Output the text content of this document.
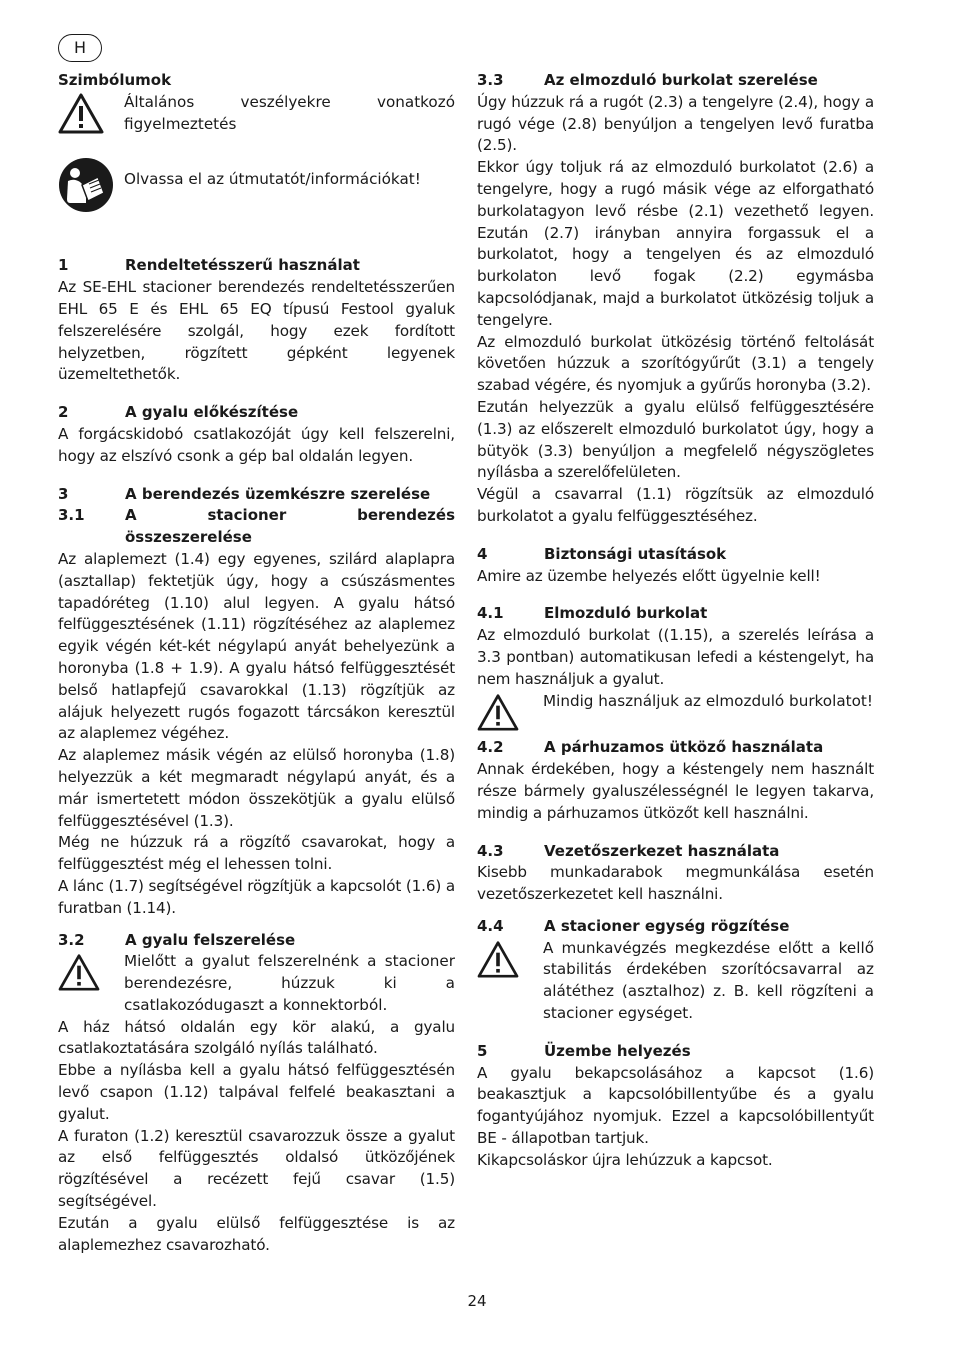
H
Szimbólumok
Általános veszélyekre vonatkozó figyelmeztetés
Olvassa el az útmutatót/információkat!
1	Rendeltetésszerű használat

Az SE-EHL stacioner berendezés rendeltetésszerűen EHL 65 E és EHL 65 EQ típusú Festool gyaluk felszerelésére szolgál, hogy ezek fordított helyzetben, rögzített gépként legyenek üzemeltethetők.

2	A gyalu előkészítése

A forgácskidobó csatlakozóját úgy kell felszerelni, hogy az elszívó csonk a gép bal oldalán legyen.

3	A berendezés üzemkészre szerelése
3.1	A stacioner berendezés összeszerelése

Az alaplemezt (1.4) egy egyenes, szilárd alaplapra (asztallap) fektetjük úgy, hogy a csúszásmentes tapadóréteg (1.10) alul legyen. A gyalu hátsó felfüggesztésének (1.11) rögzítéséhez az alaplemez egyik végén két-két négylapú anyát behelyezünk a horonyba (1.8 + 1.9). A gyalu hátsó felfüggesztését belső hatlapfejű csavarokkal (1.13) rögzítjük az alájuk helyezett rugós fogazott tárcsákon keresztül az alaplemez végéhez.

Az alaplemez másik végén az elülső horonyba (1.8) helyezzük a két megmaradt négylapú anyát, és a már ismertetett módon összekötjük a gyalu elülső felfüggesztésével (1.3).

Még ne húzzuk rá a rögzítő csavarokat, hogy a felfüggesztést még el lehessen tolni.

A lánc (1.7) segítségével rögzítjük a kapcsolót (1.6) a furatban (1.14).

3.2	A gyalu felszerelése
Mielőtt a gyalut felszerelnénk a stacioner berendezésre, húzzuk ki a csatlakozódugaszt a konnektorból.

A ház hátsó oldalán egy kör alakú, a gyalu csatlakoztatására szolgáló nyílás található.

Ebbe a nyílásba kell a gyalu hátsó felfüggesztésén levő csapon (1.12) talpával felfelé beakasztani a gyalut.

A furaton (1.2) keresztül csavarozzuk össze a gyalut az első felfüggesztés oldalsó ütközőjének rögzítésével a recézett fejű csavar (1.5) segítségével.

Ezután a gyalu elülső felfüggesztése is az alaplemezhez csavarozható.

3.3	Az elmozduló burkolat szerelése

Úgy húzzuk rá a rugót (2.3) a tengelyre (2.4), hogy a rugó vége (2.8) benyúljon a tengelyen levő furatba (2.5).

Ekkor úgy toljuk rá az elmozduló burkolatot (2.6) a tengelyre, hogy a rugó másik vége az elforgatható burkolatagyon levő résbe (2.1) vezethető legyen. Ezután (2.7) irányban annyira forgassuk el a burkolatot, hogy a tengelyen és az elmozduló burkolaton levő fogak (2.2) egymásba kapcsolódjanak, majd a burkolatot ütközésig toljuk a tengelyre.

Az elmozduló burkolat ütközésig történő feltolását követően húzzuk a szorítógyűrűt (3.1) a tengely szabad végére, és nyomjuk a gyűrűs horonyba (3.2).

Ezután helyezzük a gyalu elülső felfüggesztésére (1.3) az előszerelt elmozduló burkolatot úgy, hogy a bütyök (3.3) benyúljon a megfelelő négyszögletes nyílásba a szerelőfelületen.

Végül a csavarral (1.1) rögzítsük az elmozduló burkolatot a gyalu felfüggesztéséhez.

4	Biztonsági utasítások

Amire az üzembe helyezés előtt ügyelnie kell!

4.1	Elmozduló burkolat

Az elmozduló burkolat ((1.15), a szerelés leírása a 3.3 pontban) automatikusan lefedi a késtengelyt, ha nem használjuk a gyalut.

Mindig használjuk az elmozduló burkolatot!
4.2	A párhuzamos ütköző használata

Annak érdekében, hogy a késtengely nem használt része bármely gyaluszélességnél le legyen takarva, mindig a párhuzamos ütközőt kell használni.

4.3	Vezetőszerkezet használata

Kisebb munkadarabok megmunkálása esetén vezetőszerkezetet kell használni.

4.4	A stacioner egység rögzítése
A munkavégzés megkezdése előtt a kellő stabilitás érdekében szorítócsavarral az alátéthez (asztalhoz) z. B. kell rögzíteni a stacioner egységet.
5	Üzembe helyezés

A gyalu bekapcsolásához a kapcsot (1.6) beakasztjuk a kapcsolóbillentyűbe és a gyalu fogantyújához nyomjuk. Ezzel a kapcsolóbillentyűt BE - állapotban tartjuk.

Kikapcsoláskor újra lehúzzuk a kapcsot.

24
